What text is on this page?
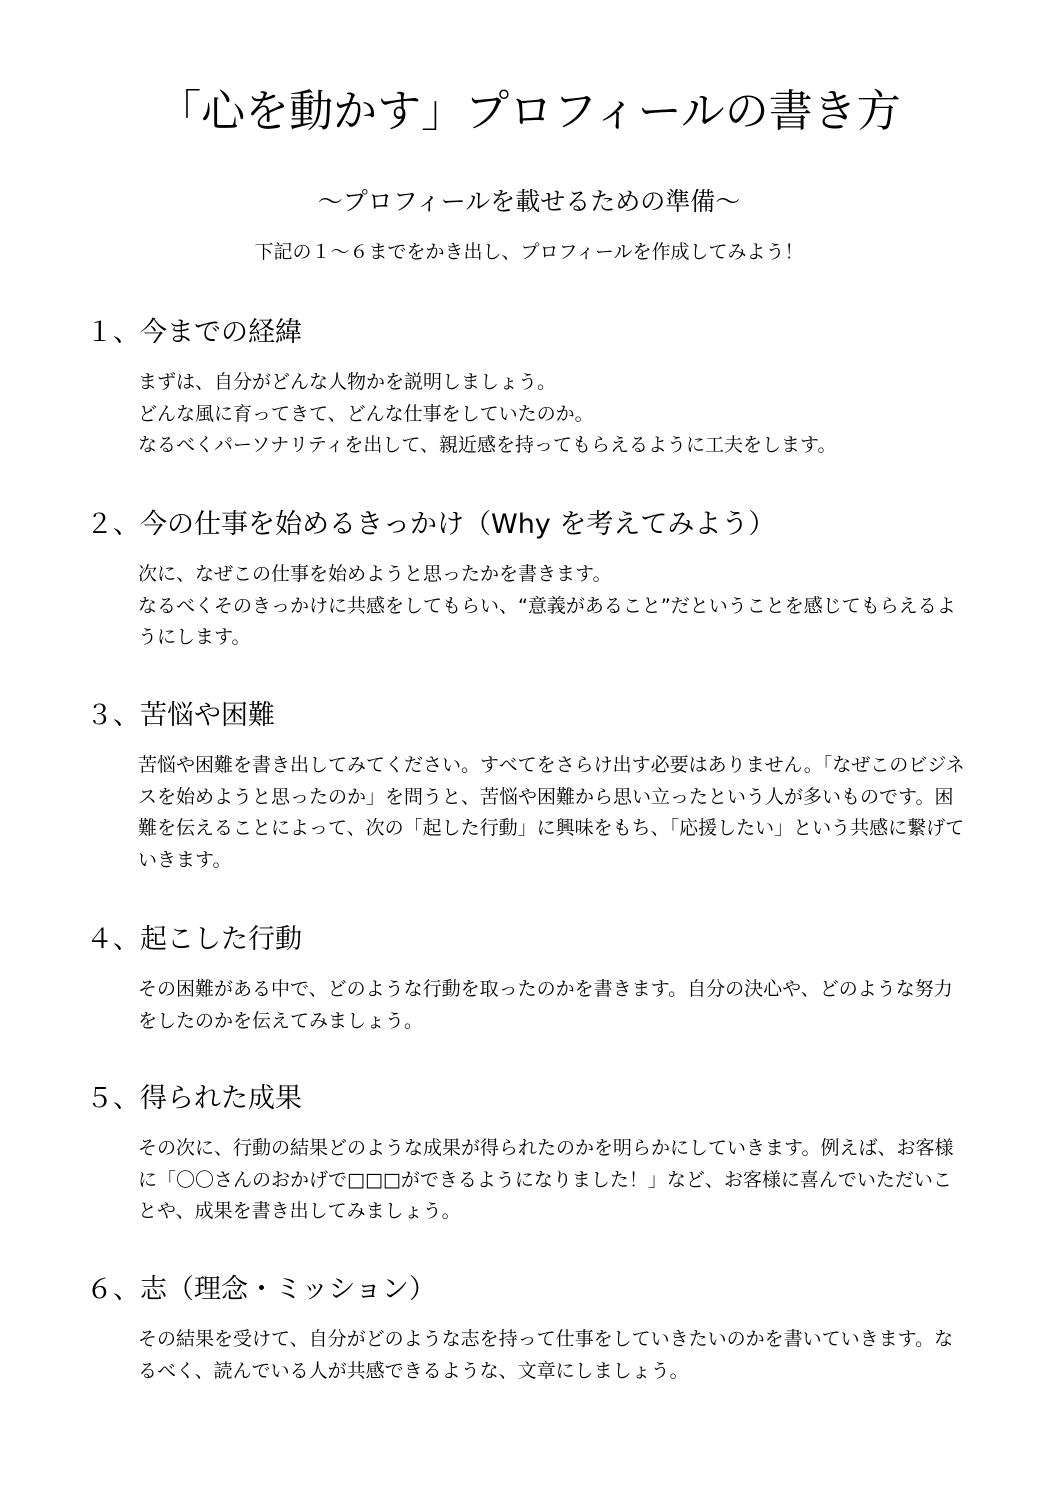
「心を動かす」プロフィールの書き方
～プロフィールを載せるための準備～
下記の１～６までをかき出し、プロフィールを作成してみよう！
１、今までの経緯

まずは、自分がどんな人物かを説明しましょう。

どんな風に育ってきて、どんな仕事をしていたのか。

なるべくパーソナリティを出して、親近感を持ってもらえるように工夫をします。

２、今の仕事を始めるきっかけ（Why を考えてみよう）

次に、なぜこの仕事を始めようと思ったかを書きます。

なるべくそのきっかけに共感をしてもらい、“意義があること”だということを感じてもらえるようにします。

３、苦悩や困難

苦悩や困難を書き出してみてください。すべてをさらけ出す必要はありません。「なぜこのビジネスを始めようと思ったのか」を問うと、苦悩や困難から思い立ったという人が多いものです。困難を伝えることによって、次の「起した行動」に興味をもち、「応援したい」という共感に繋げていきます。

４、起こした行動

その困難がある中で、どのような行動を取ったのかを書きます。自分の決心や、どのような努力をしたのかを伝えてみましょう。

５、得られた成果

その次に、行動の結果どのような成果が得られたのかを明らかにしていきます。例えば、お客様に「〇〇さんのおかげで□□□ができるようになりました！」など、お客様に喜んでいただいことや、成果を書き出してみましょう。

６、志（理念・ミッション）

その結果を受けて、自分がどのような志を持って仕事をしていきたいのかを書いていきます。なるべく、読んでいる人が共感できるような、文章にしましょう。
